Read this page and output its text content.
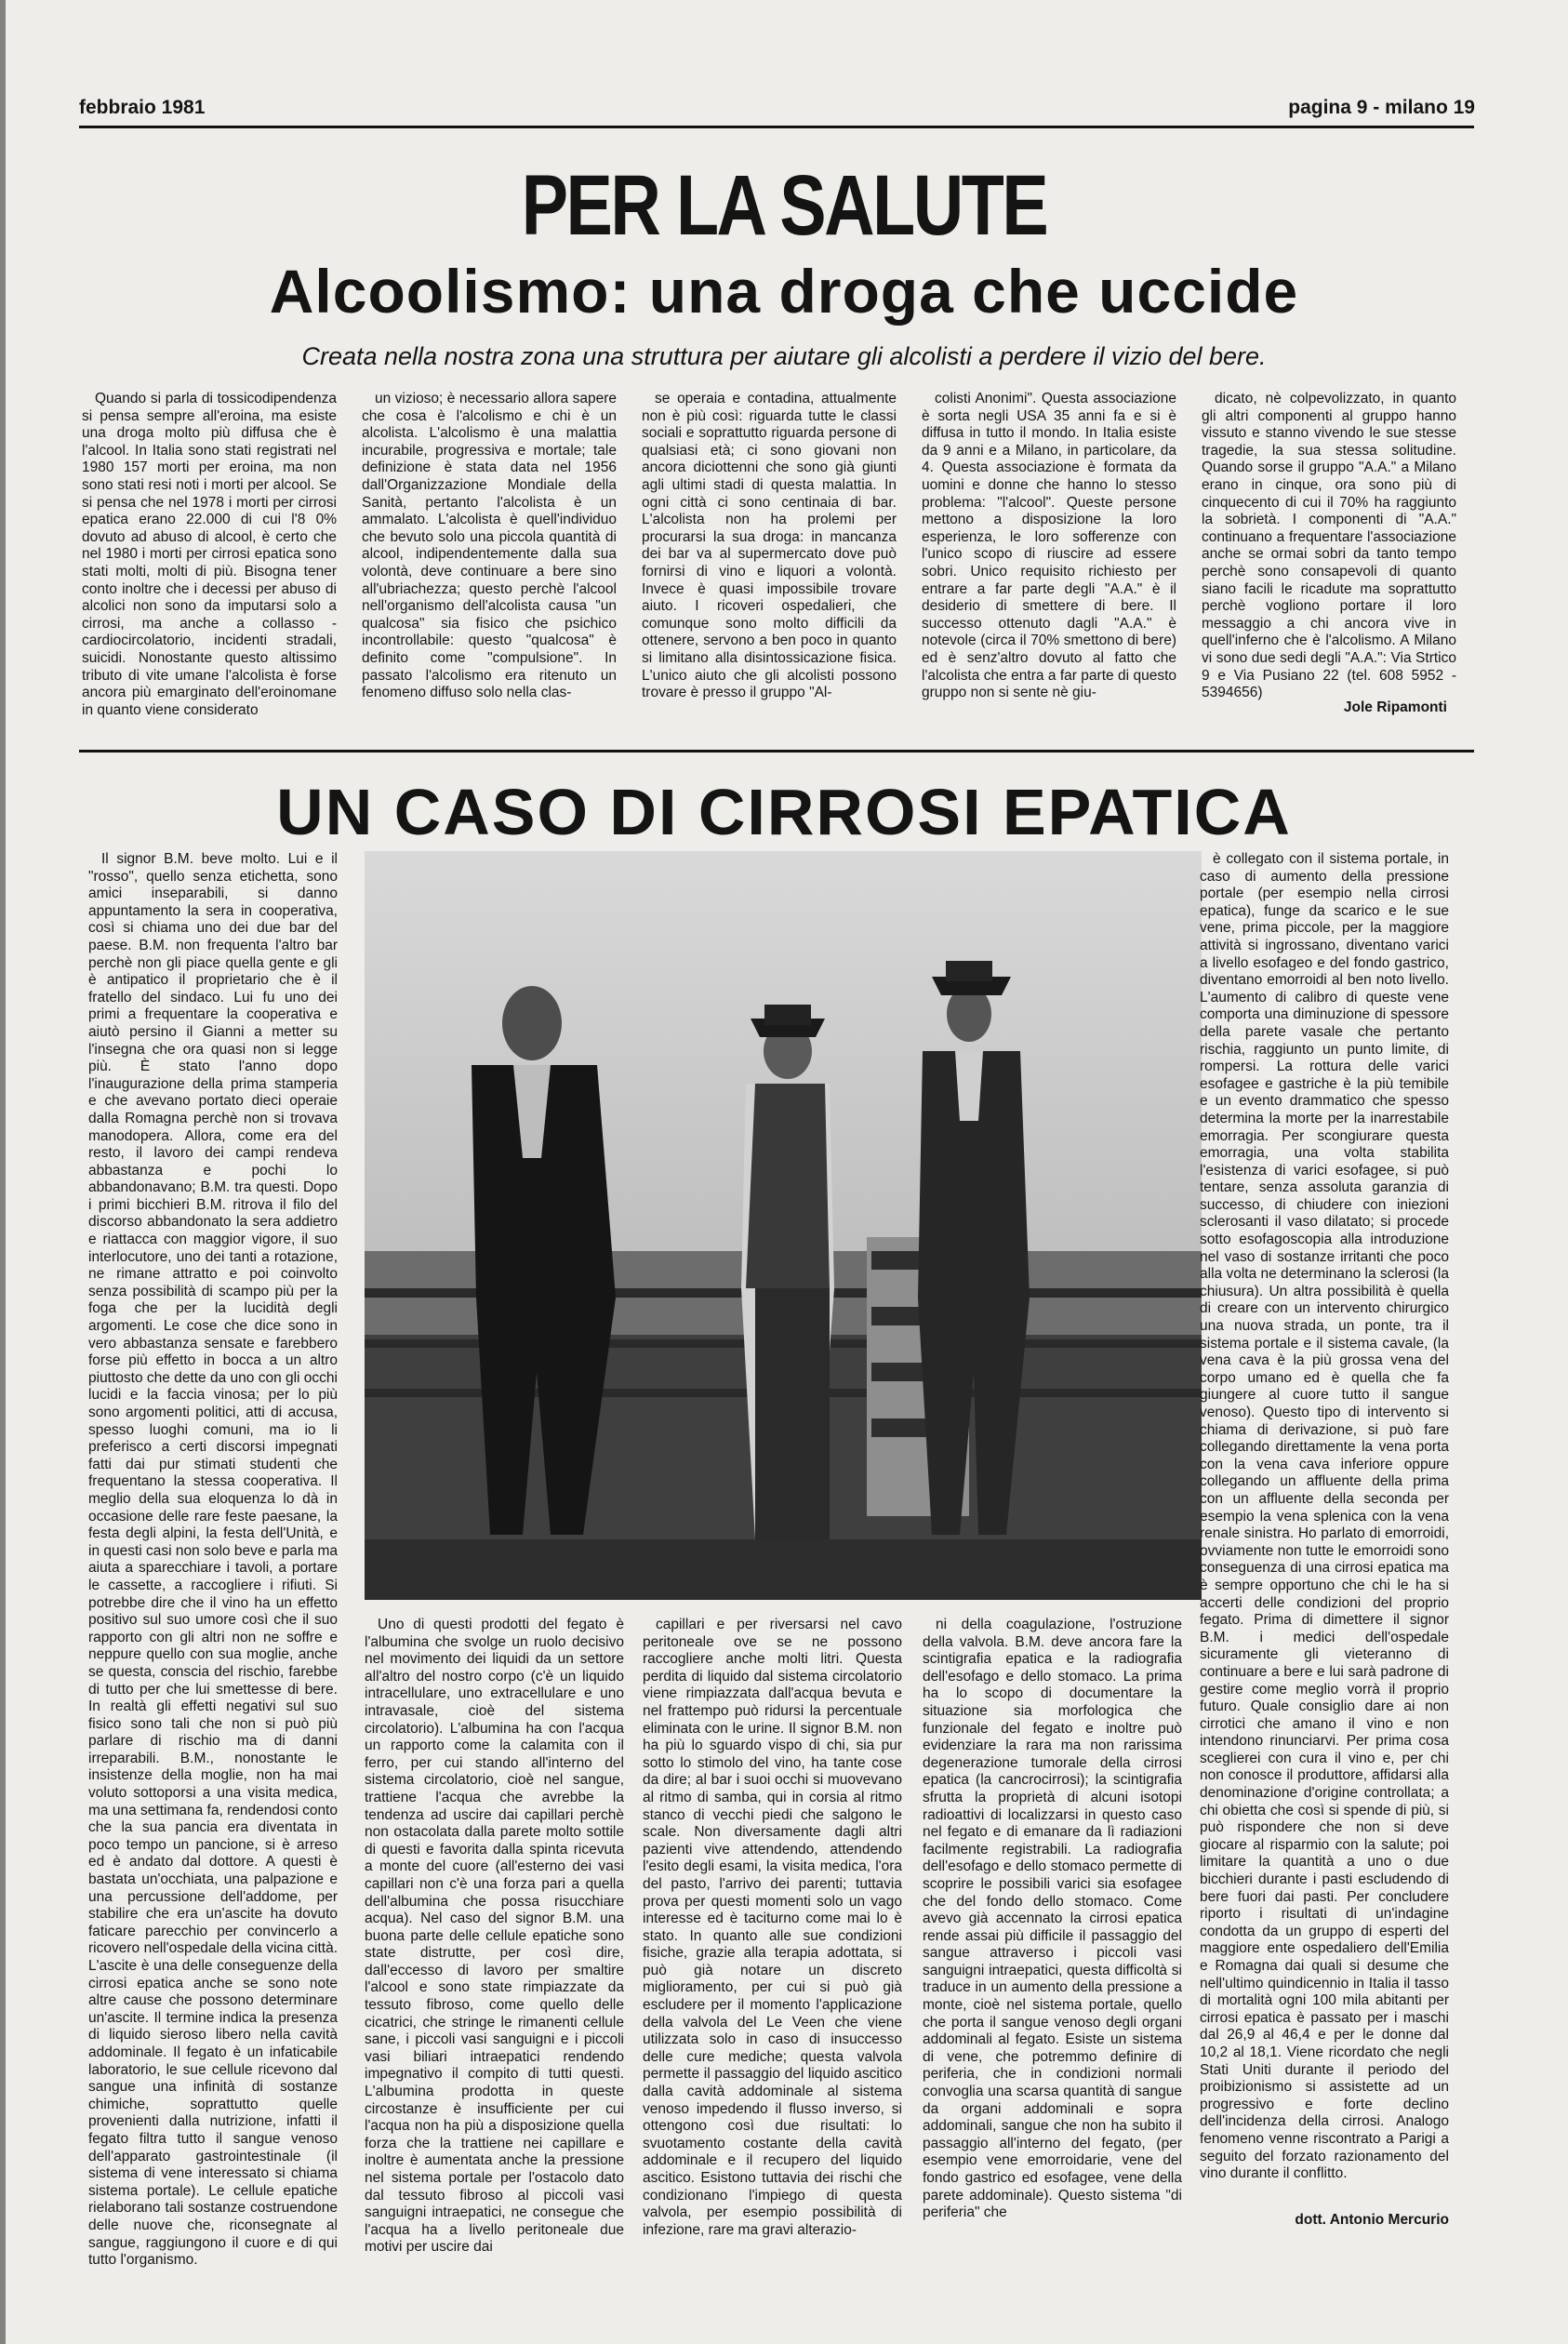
febbraio 1981	pagina 9 - milano 19
PER LA SALUTE
Alcoolismo: una droga che uccide
Creata nella nostra zona una struttura per aiutare gli alcolisti a perdere il vizio del bere.
Quando si parla di tossicodipendenza si pensa sempre all'eroina, ma esiste una droga molto più diffusa che è l'alcool. In Italia sono stati registrati nel 1980 157 morti per eroina, ma non sono stati resi noti i morti per alcool. Se si pensa che nel 1978 i morti per cirrosi epatica erano 22.000 di cui l'8 0% dovuto ad abuso di alcool, è certo che nel 1980 i morti per cirrosi epatica sono stati molti, molti di più. Bisogna tener conto inoltre che i decessi per abuso di alcolici non sono da imputarsi solo a cirrosi, ma anche a collasso - cardiocircolatorio, incidenti stradali, suicidi. Nonostante questo altissimo tributo di vite umane l'alcolista è forse ancora più emarginato dell'eroinomane in quanto viene considerato
un vizioso; è necessario allora sapere che cosa è l'alcolismo e chi è un alcolista. L'alcolismo è una malattia incurabile, progressiva e mortale; tale definizione è stata data nel 1956 dall'Organizzazione Mondiale della Sanità, pertanto l'alcolista è un ammalato. L'alcolista è quell'individuo che bevuto solo una piccola quantità di alcool, indipendentemente dalla sua volontà, deve continuare a bere sino all'ubriachezza; questo perchè l'alcool nell'organismo dell'alcolista causa "un qualcosa" sia fisico che psichico incontrollabile: questo "qualcosa" è definito come "compulsione". In passato l'alcolismo era ritenuto un fenomeno diffuso solo nella clas-
se operaia e contadina, attualmente non è più così: riguarda tutte le classi sociali e soprattutto riguarda persone di qualsiasi età; ci sono giovani non ancora diciottenni che sono già giunti agli ultimi stadi di questa malattia. In ogni città ci sono centinaia di bar. L'alcolista non ha prolemi per procurarsi la sua droga: in mancanza dei bar va al supermercato dove può fornirsi di vino e liquori a volontà. Invece è quasi impossibile trovare aiuto. I ricoveri ospedalieri, che comunque sono molto difficili da ottenere, servono a ben poco in quanto si limitano alla disintossicazione fisica. L'unico aiuto che gli alcolisti possono trovare è presso il gruppo "Al-
colisti Anonimi". Questa associazione è sorta negli USA 35 anni fa e si è diffusa in tutto il mondo. In Italia esiste da 9 anni e a Milano, in particolare, da 4. Questa associazione è formata da uomini e donne che hanno lo stesso problema: "l'alcool". Queste persone mettono a disposizione la loro esperienza, le loro sofferenze con l'unico scopo di riuscire ad essere sobri. Unico requisito richiesto per entrare a far parte degli "A.A." è il desiderio di smettere di bere. Il successo ottenuto dagli "A.A." è notevole (circa il 70% smettono di bere) ed è senz'altro dovuto al fatto che l'alcolista che entra a far parte di questo gruppo non si sente nè giu-
dicato, nè colpevolizzato, in quanto gli altri componenti al gruppo hanno vissuto e stanno vivendo le sue stesse tragedie, la sua stessa solitudine. Quando sorse il gruppo "A.A." a Milano erano in cinque, ora sono più di cinquecento di cui il 70% ha raggiunto la sobrietà. I componenti di "A.A." continuano a frequentare l'associazione anche se ormai sobri da tanto tempo perchè sono consapevoli di quanto siano facili le ricadute ma soprattutto perchè vogliono portare il loro messaggio a chi ancora vive in quell'inferno che è l'alcolismo. A Milano vi sono due sedi degli "A.A.": Via Strtico 9 e Via Pusiano 22 (tel. 608 5952 - 5394656)
Jole Ripamonti
UN CASO DI CIRROSI EPATICA
Il signor B.M. beve molto. Lui e il "rosso", quello senza etichetta, sono amici inseparabili, si danno appuntamento la sera in cooperativa, così si chiama uno dei due bar del paese. B.M. non frequenta l'altro bar perchè non gli piace quella gente e gli è antipatico il proprietario che è il fratello del sindaco. Lui fu uno dei primi a frequentare la cooperativa e aiutò persino il Gianni a metter su l'insegna che ora quasi non si legge più. È stato l'anno dopo l'inaugurazione della prima stamperia e che avevano portato dieci operaie dalla Romagna perchè non si trovava manodopera. Allora, come era del resto, il lavoro dei campi rendeva abbastanza e pochi lo abbandonavano; B.M. tra questi. Dopo i primi bicchieri B.M. ritrova il filo del discorso abbandonato la sera addietro e riattacca con maggior vigore, il suo interlocutore, uno dei tanti a rotazione, ne rimane attratto e poi coinvolto senza possibilità di scampo più per la foga che per la lucidità degli argomenti. Le cose che dice sono in vero abbastanza sensate e farebbero forse più effetto in bocca a un altro piuttosto che dette da uno con gli occhi lucidi e la faccia vinosa; per lo più sono argomenti politici, atti di accusa, spesso luoghi comuni, ma io li preferisco a certi discorsi impegnati fatti dai pur stimati studenti che frequentano la stessa cooperativa. Il meglio della sua eloquenza lo dà in occasione delle rare feste paesane, la festa degli alpini, la festa dell'Unità, e in questi casi non solo beve e parla ma aiuta a sparecchiare i tavoli, a portare le cassette, a raccogliere i rifiuti. Si potrebbe dire che il vino ha un effetto positivo sul suo umore così che il suo rapporto con gli altri non ne soffre e neppure quello con sua moglie, anche se questa, conscia del rischio, farebbe di tutto per che lui smettesse di bere. In realtà gli effetti negativi sul suo fisico sono tali che non si può più parlare di rischio ma di danni irreparabili. B.M., nonostante le insistenze della moglie, non ha mai voluto sottoporsi a una visita medica, ma una settimana fa, rendendosi conto che la sua pancia era diventata in poco tempo un pancione, si è arreso ed è andato dal dottore. A questi è bastata un'occhiata, una palpazione e una percussione dell'addome, per stabilire che era un'ascite ha dovuto faticare parecchio per convincerlo a ricovero nell'ospedale della vicina città. L'ascite è una delle conseguenze della cirrosi epatica anche se sono note altre cause che possono determinare un'ascite. Il termine indica la presenza di liquido sieroso libero nella cavità addominale. Il fegato è un infaticabile laboratorio, le sue cellule ricevono dal sangue una infinità di sostanze chimiche, soprattutto quelle provenienti dalla nutrizione, infatti il fegato filtra tutto il sangue venoso dell'apparato gastrointestinale (il sistema di vene interessato si chiama sistema portale). Le cellule epatiche rielaborano tali sostanze costruendone delle nuove che, riconsegnate al sangue, raggiungono il cuore e di qui tutto l'organismo.
Uno di questi prodotti del fegato è l'albumina che svolge un ruolo decisivo nel movimento dei liquidi da un settore all'altro del nostro corpo (c'è un liquido intracellulare, uno extracellulare e uno intravasale, cioè del sistema circolatorio). L'albumina ha con l'acqua un rapporto come la calamita con il ferro, per cui stando all'interno del sistema circolatorio, cioè nel sangue, trattiene l'acqua che avrebbe la tendenza ad uscire dai capillari perchè non ostacolata dalla parete molto sottile di questi e favorita dalla spinta ricevuta a monte del cuore (all'esterno dei vasi capillari non c'è una forza pari a quella dell'albumina che possa risucchiare acqua). Nel caso del signor B.M. una buona parte delle cellule epatiche sono state distrutte, per così dire, dall'eccesso di lavoro per smaltire l'alcool e sono state rimpiazzate da tessuto fibroso, come quello delle cicatrici, che stringe le rimanenti cellule sane, i piccoli vasi sanguigni e i piccoli vasi biliari intraepatici rendendo impegnativo il compito di tutti questi. L'albumina prodotta in queste circostanze è insufficiente per cui l'acqua non ha più a disposizione quella forza che la trattiene nei capillare e inoltre è aumentata anche la pressione nel sistema portale per l'ostacolo dato dal tessuto fibroso al piccoli vasi sanguigni intraepatici, ne consegue che l'acqua ha a livello peritoneale due motivi per uscire dai
capillari e per riversarsi nel cavo peritoneale ove se ne possono raccogliere anche molti litri. Questa perdita di liquido dal sistema circolatorio viene rimpiazzata dall'acqua bevuta e nel frattempo può ridursi la percentuale eliminata con le urine. Il signor B.M. non ha più lo sguardo vispo di chi, sia pur sotto lo stimolo del vino, ha tante cose da dire; al bar i suoi occhi si muovevano al ritmo di samba, qui in corsia al ritmo stanco di vecchi piedi che salgono le scale. Non diversamente dagli altri pazienti vive attendendo, attendendo l'esito degli esami, la visita medica, l'ora del pasto, l'arrivo dei parenti; tuttavia prova per questi momenti solo un vago interesse ed è taciturno come mai lo è stato. In quanto alle sue condizioni fisiche, grazie alla terapia adottata, si può già notare un discreto miglioramento, per cui si può già escludere per il momento l'applicazione della valvola del Le Veen che viene utilizzata solo in caso di insuccesso delle cure mediche; questa valvola permette il passaggio del liquido ascitico dalla cavità addominale al sistema venoso impedendo il flusso inverso, si ottengono così due risultati: lo svuotamento costante della cavità addominale e il recupero del liquido ascitico. Esistono tuttavia dei rischi che condizionano l'impiego di questa valvola, per esempio possibilità di infezione, rare ma gravi alterazio-
ni della coagulazione, l'ostruzione della valvola. B.M. deve ancora fare la scintigrafia epatica e la radiografia dell'esofago e dello stomaco. La prima ha lo scopo di documentare la situazione sia morfologica che funzionale del fegato e inoltre può evidenziare la rara ma non rarissima degenerazione tumorale della cirrosi epatica (la cancrocirrosi); la scintigrafia sfrutta la proprietà di alcuni isotopi radioattivi di localizzarsi in questo caso nel fegato e di emanare da lì radiazioni facilmente registrabili. La radiografia dell'esofago e dello stomaco permette di scoprire le possibili varici sia esofagee che del fondo dello stomaco. Come avevo già accennato la cirrosi epatica rende assai più difficile il passaggio del sangue attraverso i piccoli vasi sanguigni intraepatici, questa difficoltà si traduce in un aumento della pressione a monte, cioè nel sistema portale, quello che porta il sangue venoso degli organi addominali al fegato. Esiste un sistema di vene, che potremmo definire di periferia, che in condizioni normali convoglia una scarsa quantità di sangue da organi addominali e sopra addominali, sangue che non ha subito il passaggio all'interno del fegato, (per esempio vene emorroidarie, vene del fondo gastrico ed esofagee, vene della parete addominale). Questo sistema "di periferia" che
è collegato con il sistema portale, in caso di aumento della pressione portale (per esempio nella cirrosi epatica), funge da scarico e le sue vene, prima piccole, per la maggiore attività si ingrossano, diventano varici a livello esofageo e del fondo gastrico, diventano emorroidi al ben noto livello. L'aumento di calibro di queste vene comporta una diminuzione di spessore della parete vasale che pertanto rischia, raggiunto un punto limite, di rompersi. La rottura delle varici esofagee e gastriche è la più temibile e un evento drammatico che spesso determina la morte per la inarrestabile emorragia. Per scongiurare questa emorragia, una volta stabilita l'esistenza di varici esofagee, si può tentare, senza assoluta garanzia di successo, di chiudere con iniezioni sclerosanti il vaso dilatato; si procede sotto esofagoscopia alla introduzione nel vaso di sostanze irritanti che poco alla volta ne determinano la sclerosi (la chiusura). Un altra possibilità è quella di creare con un intervento chirurgico una nuova strada, un ponte, tra il sistema portale e il sistema cavale, (la vena cava è la più grossa vena del corpo umano ed è quella che fa giungere al cuore tutto il sangue venoso). Questo tipo di intervento si chiama di derivazione, si può fare collegando direttamente la vena porta con la vena cava inferiore oppure collegando un affluente della prima con un affluente della seconda per esempio la vena splenica con la vena renale sinistra. Ho parlato di emorroidi, ovviamente non tutte le emorroidi sono conseguenza di una cirrosi epatica ma è sempre opportuno che chi le ha si accerti delle condizioni del proprio fegato. Prima di dimettere il signor B.M. i medici dell'ospedale sicuramente gli vieteranno di continuare a bere e lui sarà padrone di gestire come meglio vorrà il proprio futuro. Quale consiglio dare ai non cirrotici che amano il vino e non intendono rinunciarvi. Per prima cosa sceglierei con cura il vino e, per chi non conosce il produttore, affidarsi alla denominazione d'origine controllata; a chi obietta che così si spende di più, si può rispondere che non si deve giocare al risparmio con la salute; poi limitare la quantità a uno o due bicchieri durante i pasti escludendo di bere fuori dai pasti. Per concludere riporto i risultati di un'indagine condotta da un gruppo di esperti del maggiore ente ospedaliero dell'Emilia e Romagna dai quali si desume che nell'ultimo quindicennio in Italia il tasso di mortalità ogni 100 mila abitanti per cirrosi epatica è passato per i maschi dal 26,9 al 46,4 e per le donne dal 10,2 al 18,1. Viene ricordato che negli Stati Uniti durante il periodo del proibizionismo si assistette ad un progressivo e forte declino dell'incidenza della cirrosi. Analogo fenomeno venne riscontrato a Parigi a seguito del forzato razionamento del vino durante il conflitto.
dott. Antonio Mercurio
